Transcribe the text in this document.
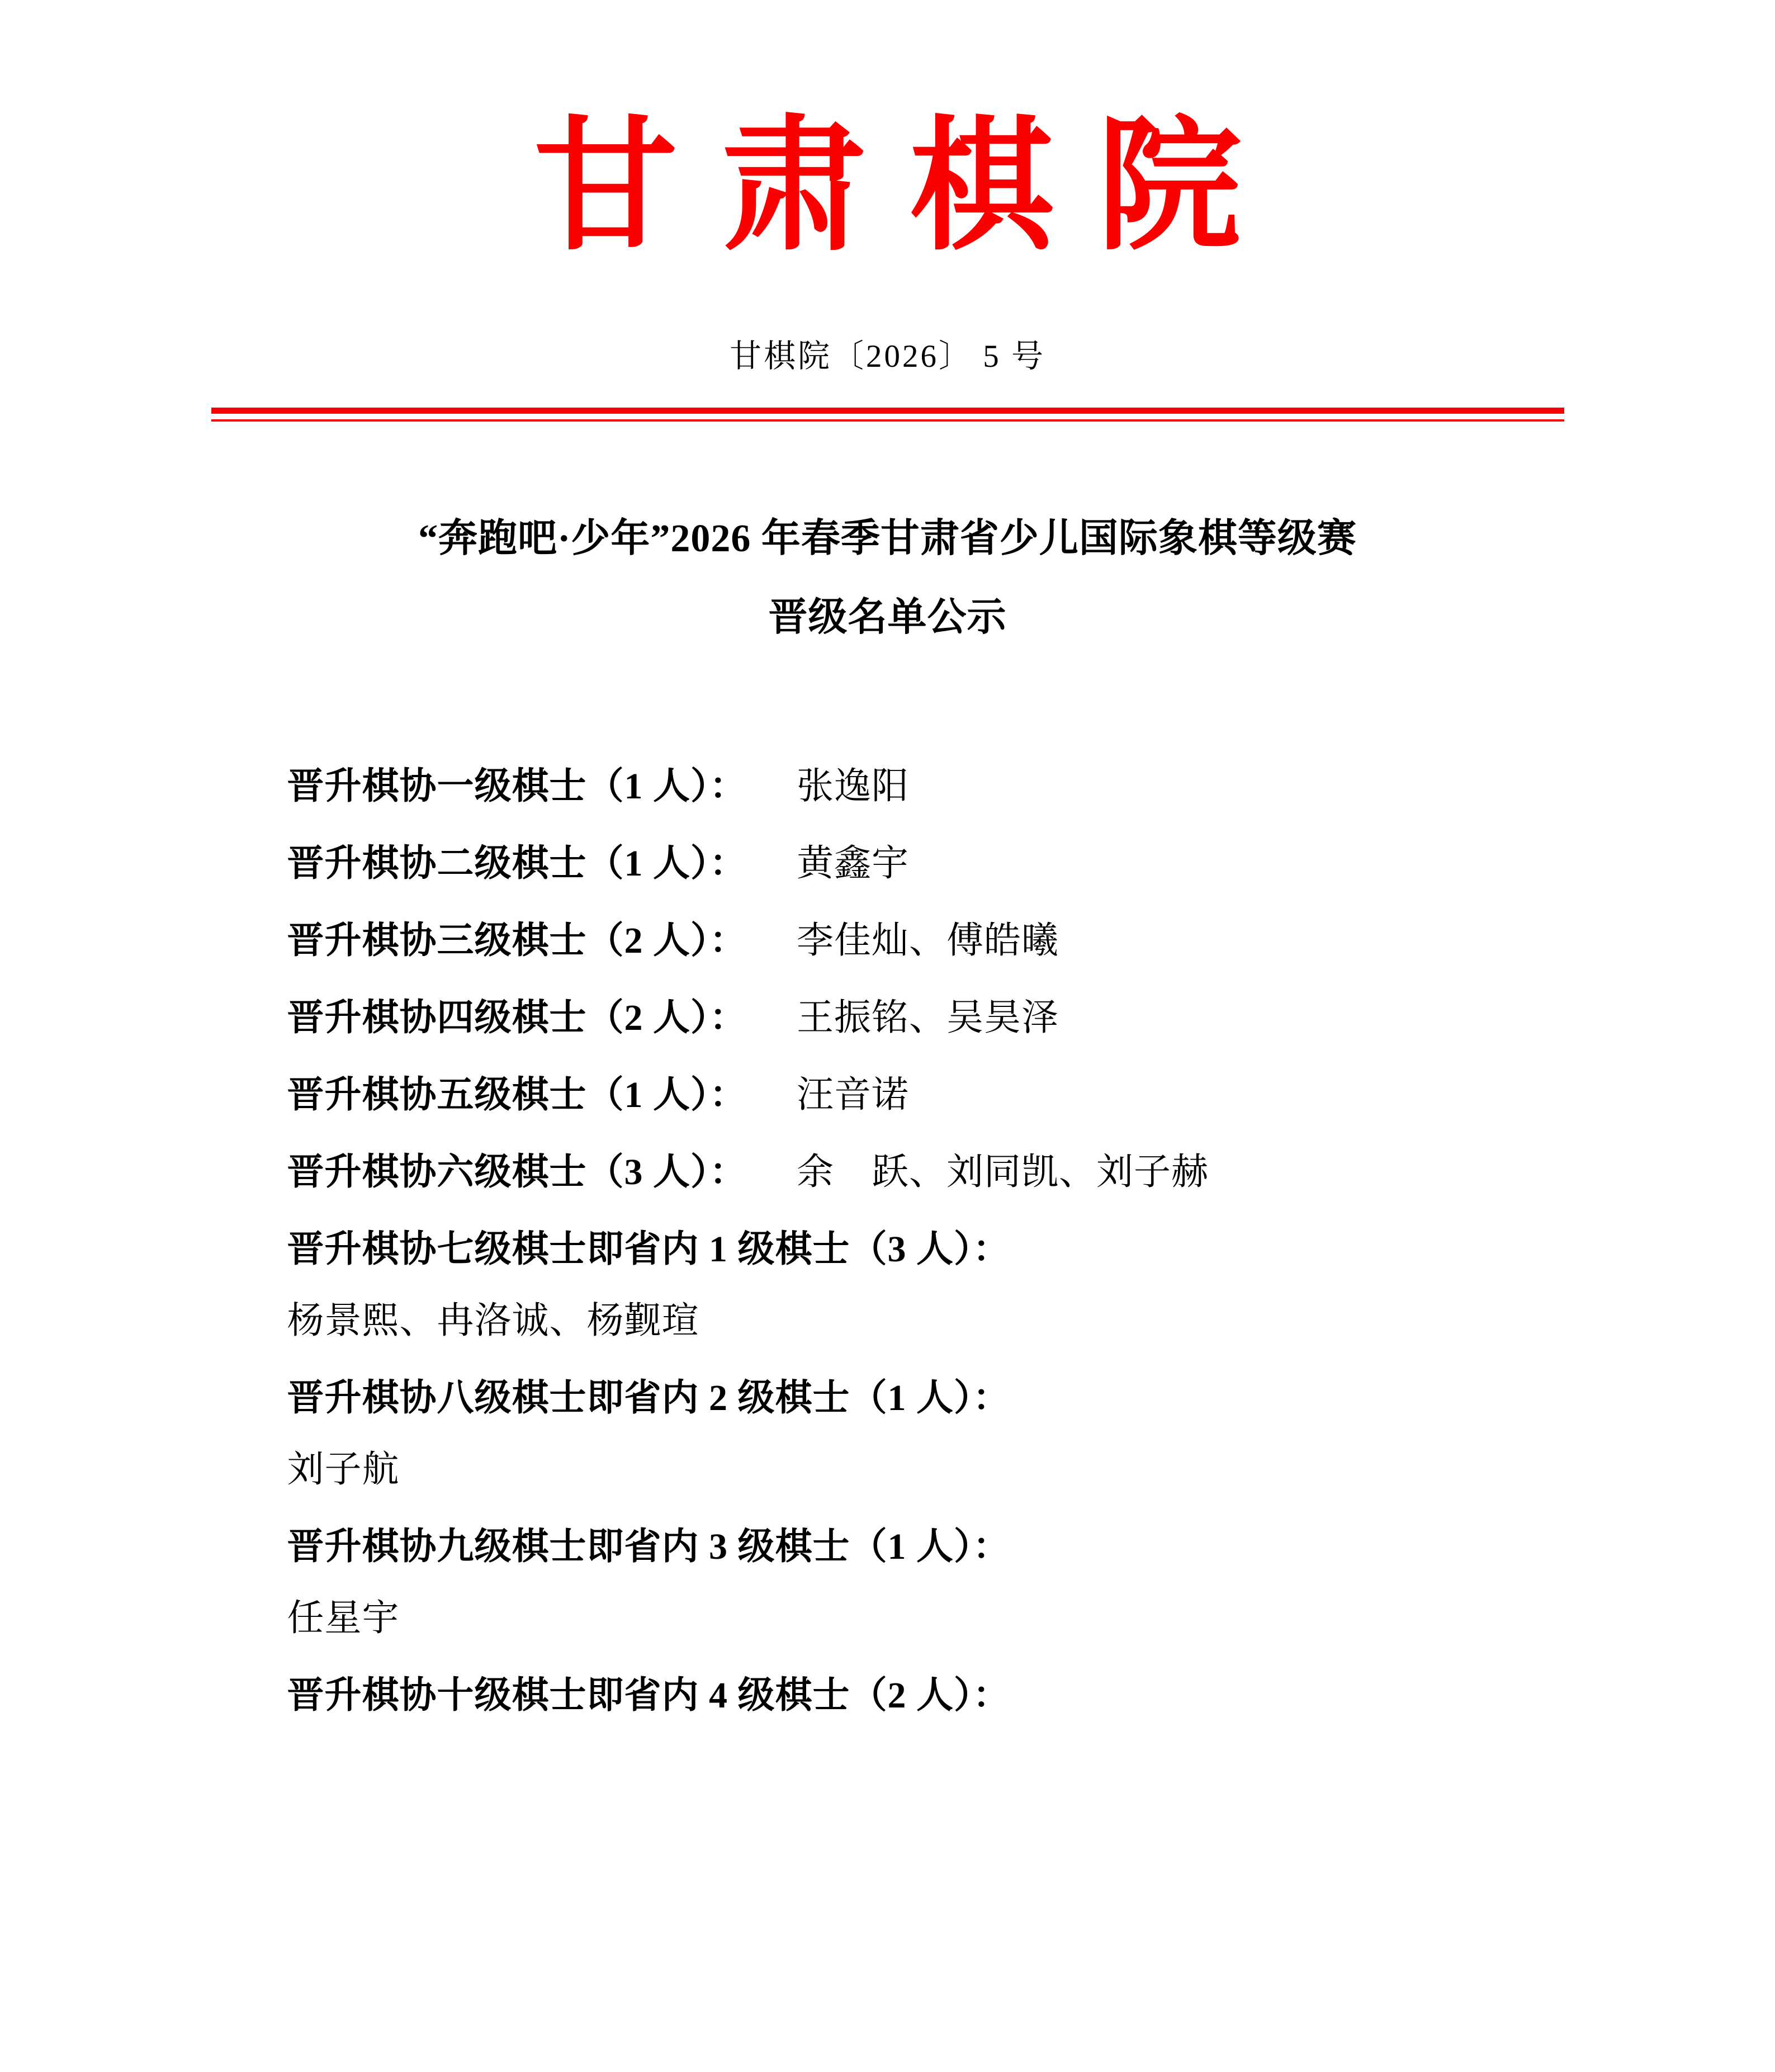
甘肃棋院
甘棋院〔2026〕 5 号
“奔跑吧·少年”2026 年春季甘肃省少儿国际象棋等级赛
晋级名单公示
晋升棋协一级棋士（1 人）： 张逸阳
晋升棋协二级棋士（1 人）： 黄鑫宇
晋升棋协三级棋士（2 人）： 李佳灿、傅皓曦
晋升棋协四级棋士（2 人）： 王振铭、吴昊泽
晋升棋协五级棋士（1 人）： 汪音诺
晋升棋协六级棋士（3 人）： 余　跃、刘同凯、刘子赫
晋升棋协七级棋士即省内 1 级棋士（3 人）：
杨景熙、冉洛诚、杨觐瑄
晋升棋协八级棋士即省内 2 级棋士（1 人）：
刘子航
晋升棋协九级棋士即省内 3 级棋士（1 人）：
任星宇
晋升棋协十级棋士即省内 4 级棋士（2 人）：
